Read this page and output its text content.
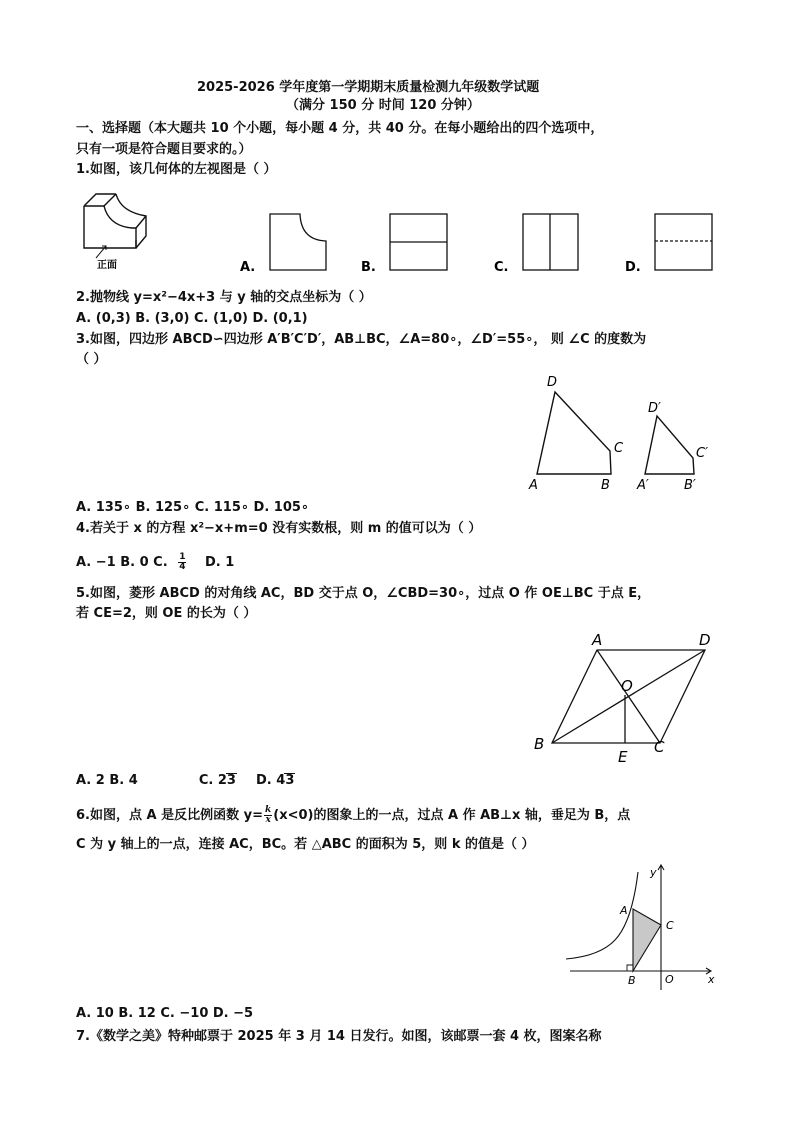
2025-2026 学年度第一学期期末质量检测九年级数学试题
（满分 150 分 时间 120 分钟）
一、选择题（本大题共 10 个小题，每小题 4 分，共 40 分。在每小题给出的四个选项中，
只有一项是符合题目要求的。）
1.如图，该几何体的左视图是（ ）
正面	A.	B.	C.	D.
2.抛物线 y=x²−4x+3 与 y 轴的交点坐标为（ ）
A. (0,3) B. (3,0) C. (1,0) D. (0,1)
3.如图，四边形 ABCD∽四边形 A′B′C′D′，AB⊥BC，∠A=80∘，∠D′=55∘， 则 ∠C 的度数为
（ ）
D
C
A	B
D′
C′
A′	B′
A. 135∘ B. 125∘ C. 115∘ D. 105∘
4.若关于 x 的方程 x²−x+m=0 没有实数根，则 m 的值可以为（ ）
A. −1 B. 0 C. $\frac{1}{4} D$. 1
5.如图，菱形 ABCD 的对角线 AC，BD 交于点 O，∠CBD=30∘，过点 O 作 OE⊥BC 于点 E，
若 CE=2，则 OE 的长为（ ）
A	D
O
B
E
C
A. 2 B. 4	C. 23 D. 43
6.如图，点 A 是反比例函数 $y= \frac{k}{x} (x<0)$的图象上的一点，过点 A 作 AB⊥x 轴，垂足为 B，点
C 为 y 轴上的一点，连接 AC，BC。若 △ABC 的面积为 5，则 k 的值是（ ）
y
A
C
O
B	x
A. 10 B. 12 C. −10 D. −5
7.《数学之美》特种邮票于 2025 年 3 月 14 日发行。如图，该邮票一套 4 枚，图案名称
